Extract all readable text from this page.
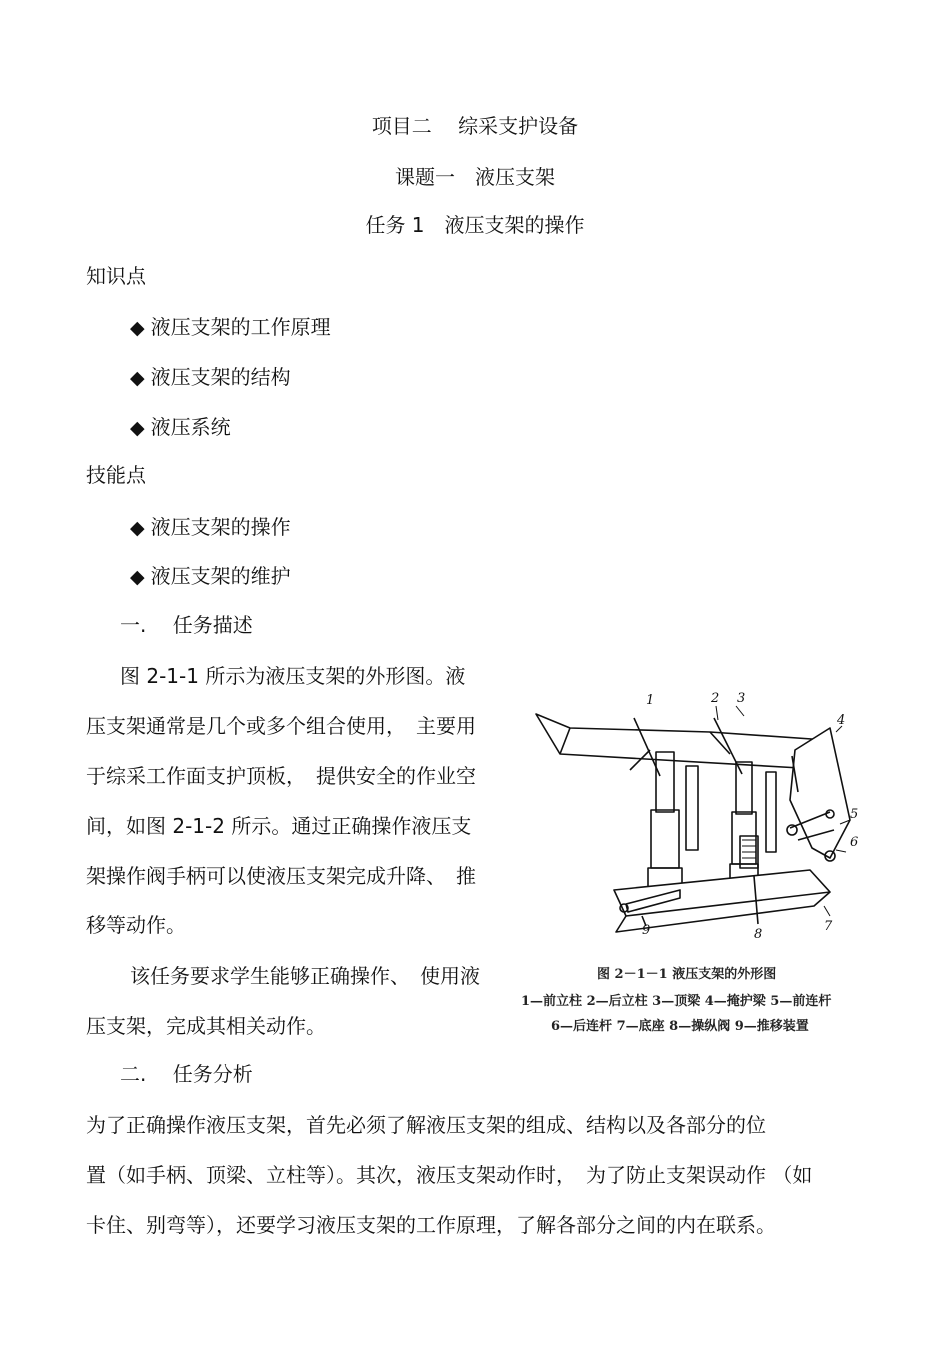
项目二　 综采支护设备
课题一　液压支架
任务 1　液压支架的操作
知识点
◆ 液压支架的工作原理
◆ 液压支架的结构
◆ 液压系统
技能点
◆ 液压支架的操作
◆ 液压支架的维护
一.　 任务描述
图 2-1-1 所示为液压支架的外形图。液
压支架通常是几个或多个组合使用，　主要用
于综采工作面支护顶板，　提供安全的作业空
间，如图 2-1-2 所示。通过正确操作液压支
架操作阀手柄可以使液压支架完成升降、　推
移等动作。
该任务要求学生能够正确操作、　使用液
压支架，完成其相关动作。
1	2 3
4
5
6
7
8
9
图 2－1－1 液压支架的外形图
1—前立柱 2—后立柱 3—顶梁 4—掩护梁 5—前连杆
6—后连杆 7—底座 8—操纵阀 9—推移装置
二.　 任务分析
为了正确操作液压支架，首先必须了解液压支架的组成、结构以及各部分的位
置（如手柄、顶梁、立柱等）。其次，液压支架动作时，　为了防止支架误动作 （如
卡住、别弯等），还要学习液压支架的工作原理，了解各部分之间的内在联系。
